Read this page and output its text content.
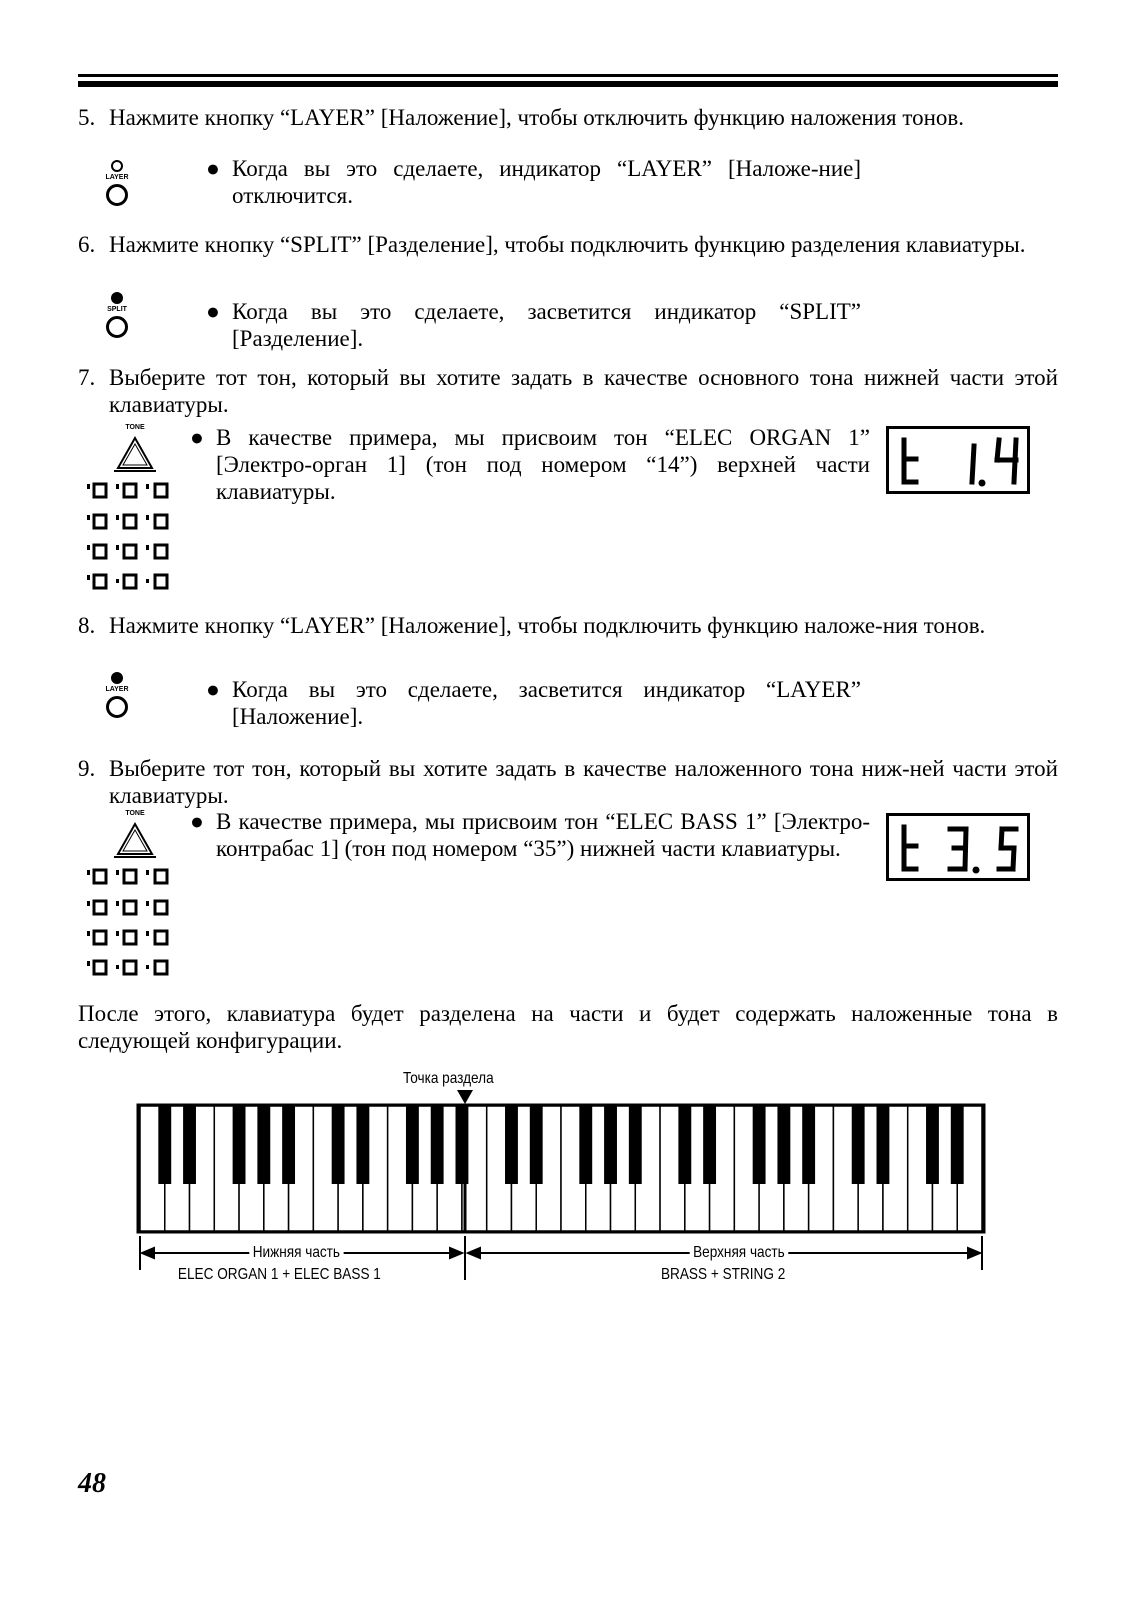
5. Нажмите кнопку “LAYER” [Наложение], чтобы отключить функцию наложения тонов.
LAYER	● Когда вы это сделаете, индикатор “LAYER” [Наложе-ние] отключится.
6. Нажмите кнопку “SPLIT” [Разделение], чтобы подключить функцию разделения клавиатуры.
SPLIT	● Когда вы это сделаете, засветится индикатор “SPLIT” [Разделение].
7. Выберите тот тон, который вы хотите задать в качестве основного тона нижней части этой клавиатуры.
TONE ● В качестве примера, мы присвоим тон “ELEC ORGAN 1” [Электро-орган 1] (тон под номером “14”) верхней части клавиатуры.
8. Нажмите кнопку “LAYER” [Наложение], чтобы подключить функцию наложе-ния тонов.
LAYER	● Когда вы это сделаете, засветится индикатор “LAYER” [Наложение].
9. Выберите тот тон, который вы хотите задать в качестве наложенного тона ниж-ней части этой клавиатуры.
TONE ● В качестве примера, мы присвоим тон “ELEC BASS 1” [Электро-контрабас 1] (тон под номером “35”) нижней части клавиатуры.
После этого, клавиатура будет разделена на части и будет содержать наложенные тона в следующей конфигурации.
Точка раздела
Нижняя часть
ELEC ORGAN 1 + ELEC BASS 1
Верхняя часть
BRASS + STRING 2
48
